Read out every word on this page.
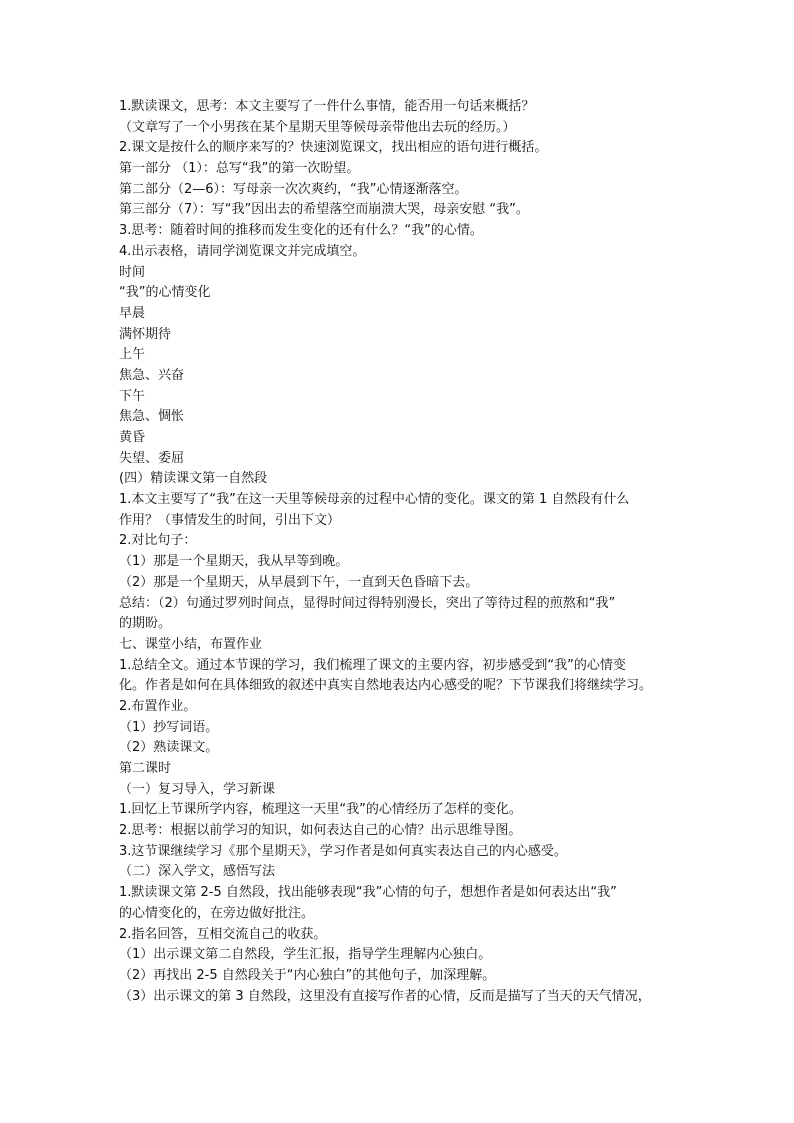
1.默读课文，思考：本文主要写了一件什么事情，能否用一句话来概括？
（文章写了一个小男孩在某个星期天里等候母亲带他出去玩的经历。）
2.课文是按什么的顺序来写的？快速浏览课文，找出相应的语句进行概括。
第一部分 （1）：总写“我”的第一次盼望。
第二部分（2—6）：写母亲一次次爽约，“我”心情逐渐落空。
第三部分（7）：写“我”因出去的希望落空而崩溃大哭，母亲安慰 “我”。
3.思考：随着时间的推移而发生变化的还有什么？“我”的心情。
4.出示表格，请同学浏览课文并完成填空。
时间
“我”的心情变化
早晨
满怀期待
上午
焦急、兴奋
下午
焦急、惆怅
黄昏
失望、委屈
(四）精读课文第一自然段
1.本文主要写了“我”在这一天里等候母亲的过程中心情的变化。课文的第 1 自然段有什么
作用？（事情发生的时间，引出下文）
2.对比句子：
（1）那是一个星期天，我从早等到晚。
（2）那是一个星期天，从早晨到下午，一直到天色昏暗下去。
总结：（2）句通过罗列时间点，显得时间过得特别漫长，突出了等待过程的煎熬和“我”
的期盼。
七、课堂小结，布置作业
1.总结全文。通过本节课的学习，我们梳理了课文的主要内容，初步感受到“我”的心情变
化。作者是如何在具体细致的叙述中真实自然地表达内心感受的呢？下节课我们将继续学习。
2.布置作业。
（1）抄写词语。
（2）熟读课文。
第二课时
（一）复习导入，学习新课
1.回忆上节课所学内容，梳理这一天里“我”的心情经历了怎样的变化。
2.思考：根据以前学习的知识，如何表达自己的心情？出示思维导图。
3.这节课继续学习《那个星期天》，学习作者是如何真实表达自己的内心感受。
（二）深入学文，感悟写法
1.默读课文第 2-5 自然段，找出能够表现“我”心情的句子，想想作者是如何表达出“我”
的心情变化的，在旁边做好批注。
2.指名回答，互相交流自己的收获。
（1）出示课文第二自然段，学生汇报，指导学生理解内心独白。
（2）再找出 2-5 自然段关于“内心独白”的其他句子，加深理解。
（3）出示课文的第 3 自然段，这里没有直接写作者的心情，反而是描写了当天的天气情况，
